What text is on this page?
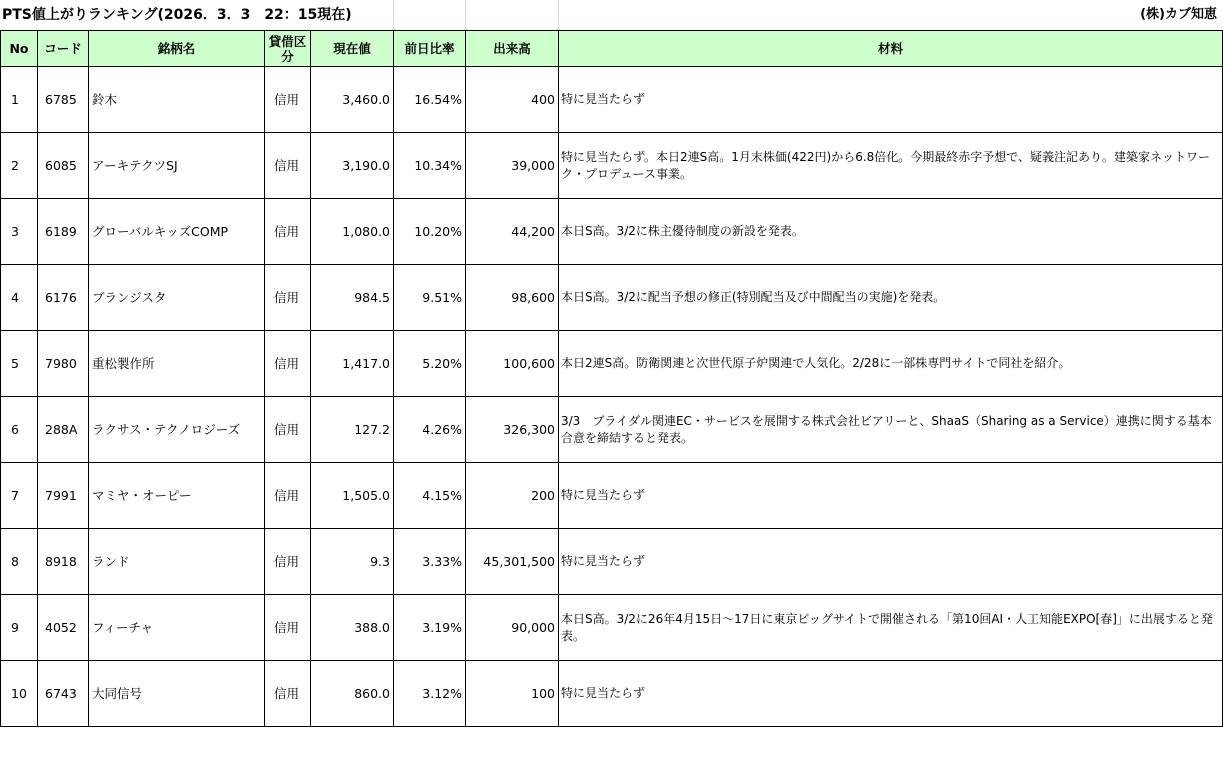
PTS値上がりランキング(2026．3．3　22：15現在)	(株)カブ知恵
No	コード	銘柄名	貸借区分	現在値	前日比率	出来高	材料
1	6785	鈴木	信用	3,460.0	16.54%	400	特に見当たらず
2	6085	アーキテクツSJ	信用	3,190.0	10.34%	39,000	特に見当たらず。本日2連S高。1月末株価(422円)から6.8倍化。今期最終赤字予想で、疑義注記あり。建築家ネットワーク・プロデュース事業。
3	6189	グローバルキッズCOMP	信用	1,080.0	10.20%	44,200	本日S高。3/2に株主優待制度の新設を発表。
4	6176	ブランジスタ	信用	984.5	9.51%	98,600	本日S高。3/2に配当予想の修正(特別配当及び中間配当の実施)を発表。
5	7980	重松製作所	信用	1,417.0	5.20%	100,600	本日2連S高。防衛関連と次世代原子炉関連で人気化。2/28に一部株専門サイトで同社を紹介。
6	288A	ラクサス・テクノロジーズ	信用	127.2	4.26%	326,300	3/3　ブライダル関連EC・サービスを展開する株式会社ビアリーと、ShaaS（Sharing as a Service）連携に関する基本合意を締結すると発表。
7	7991	マミヤ・オーピー	信用	1,505.0	4.15%	200	特に見当たらず
8	8918	ランド	信用	9.3	3.33%	45,301,500	特に見当たらず
9	4052	フィーチャ	信用	388.0	3.19%	90,000	本日S高。3/2に26年4月15日～17日に東京ビッグサイトで開催される「第10回AI・人工知能EXPO[春]」に出展すると発表。
10	6743	大同信号	信用	860.0	3.12%	100	特に見当たらず
